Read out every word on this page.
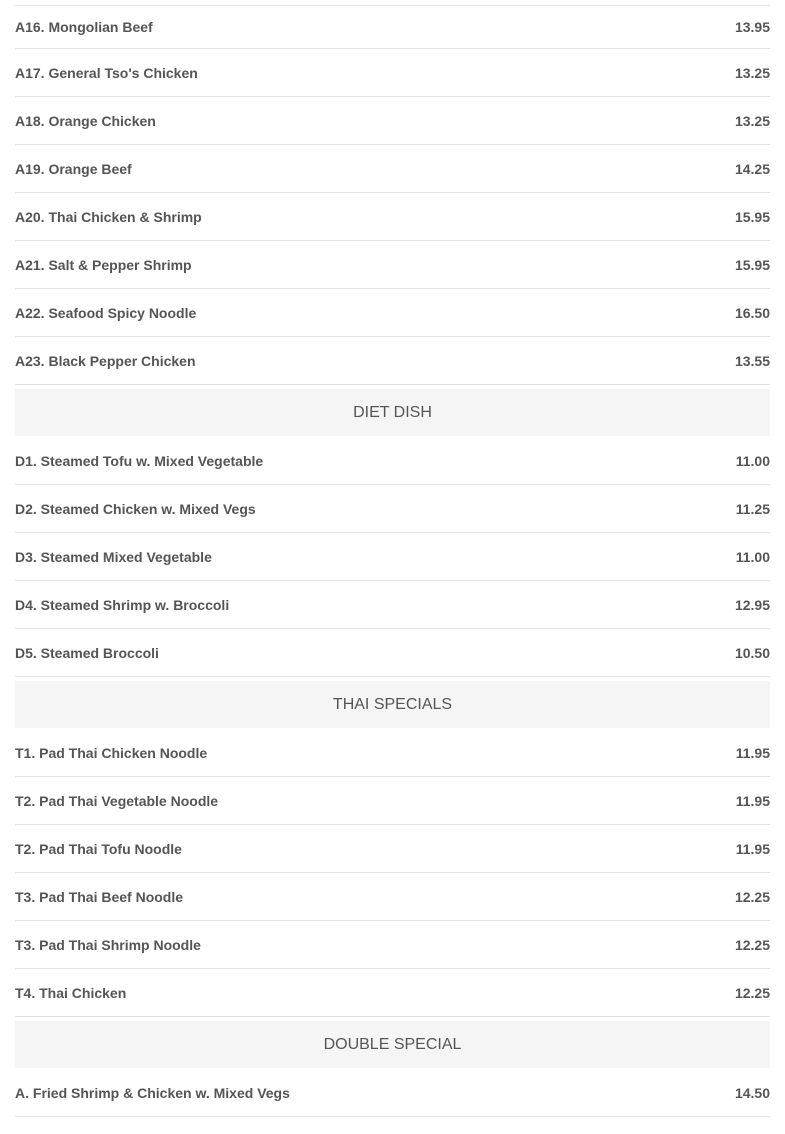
A16. Mongolian Beef	13.95
A17. General Tso's Chicken	13.25
A18. Orange Chicken	13.25
A19. Orange Beef	14.25
A20. Thai Chicken & Shrimp	15.95
A21. Salt & Pepper Shrimp	15.95
A22. Seafood Spicy Noodle	16.50
A23. Black Pepper Chicken	13.55
DIET DISH
D1. Steamed Tofu w. Mixed Vegetable	11.00
D2. Steamed Chicken w. Mixed Vegs	11.25
D3. Steamed Mixed Vegetable	11.00
D4. Steamed Shrimp w. Broccoli	12.95
D5. Steamed Broccoli	10.50
THAI SPECIALS
T1. Pad Thai Chicken Noodle	11.95
T2. Pad Thai Vegetable Noodle	11.95
T2. Pad Thai Tofu Noodle	11.95
T3. Pad Thai Beef Noodle	12.25
T3. Pad Thai Shrimp Noodle	12.25
T4. Thai Chicken	12.25
DOUBLE SPECIAL
A. Fried Shrimp & Chicken w. Mixed Vegs	14.50
